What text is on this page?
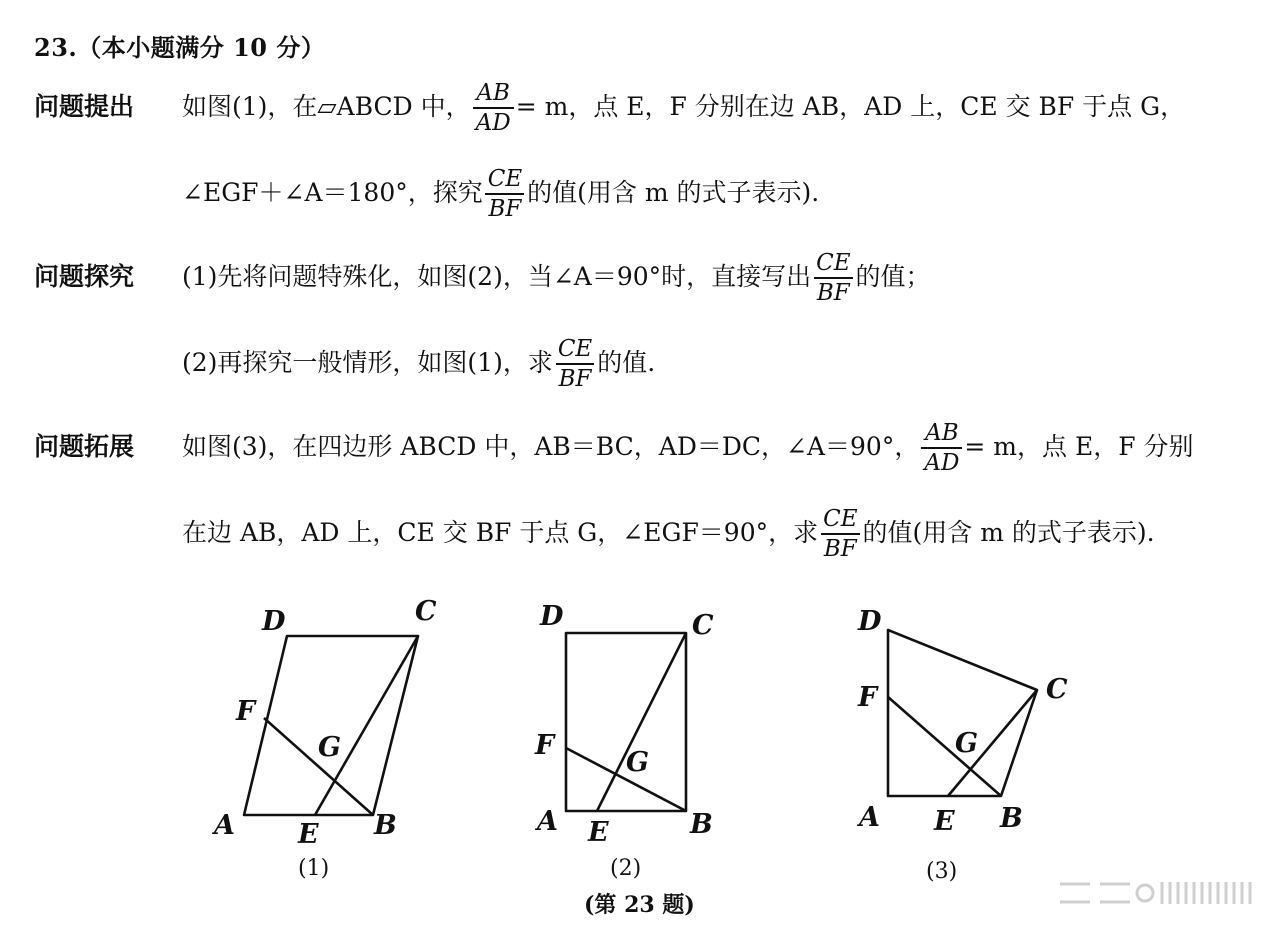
23.（本小题满分 10 分）
问题提出 如图(1)，在▱ABCD 中， $\frac{AB}{AD} = m$，点 E，F 分别在边 AB，AD 上，CE 交 BF 于点 G，
∠EGF＋∠A＝180°，探究 $\frac{CE}{BF}$ 的值(用含 m 的式子表示).
问题探究 (1)先将问题特殊化，如图(2)，当∠A＝90°时，直接写出 $\frac{CE}{BF}$ 的值；
(2)再探究一般情形，如图(1)，求 $\frac{CE}{BF}$ 的值.
问题拓展 如图(3)，在四边形 ABCD 中，AB＝BC，AD＝DC，∠A＝90°， $\frac{AB}{AD} = m$，点 E，F 分别
在边 AB，AD 上，CE 交 BF 于点 G，∠EGF＝90°，求 $\frac{CE}{BF}$ 的值(用含 m 的式子表示).
D	C
F
G
A E B
(1)
D	C
F
G
A E	B
(2)
D
C
F
G
A E B
(3)
(第 23 题)
